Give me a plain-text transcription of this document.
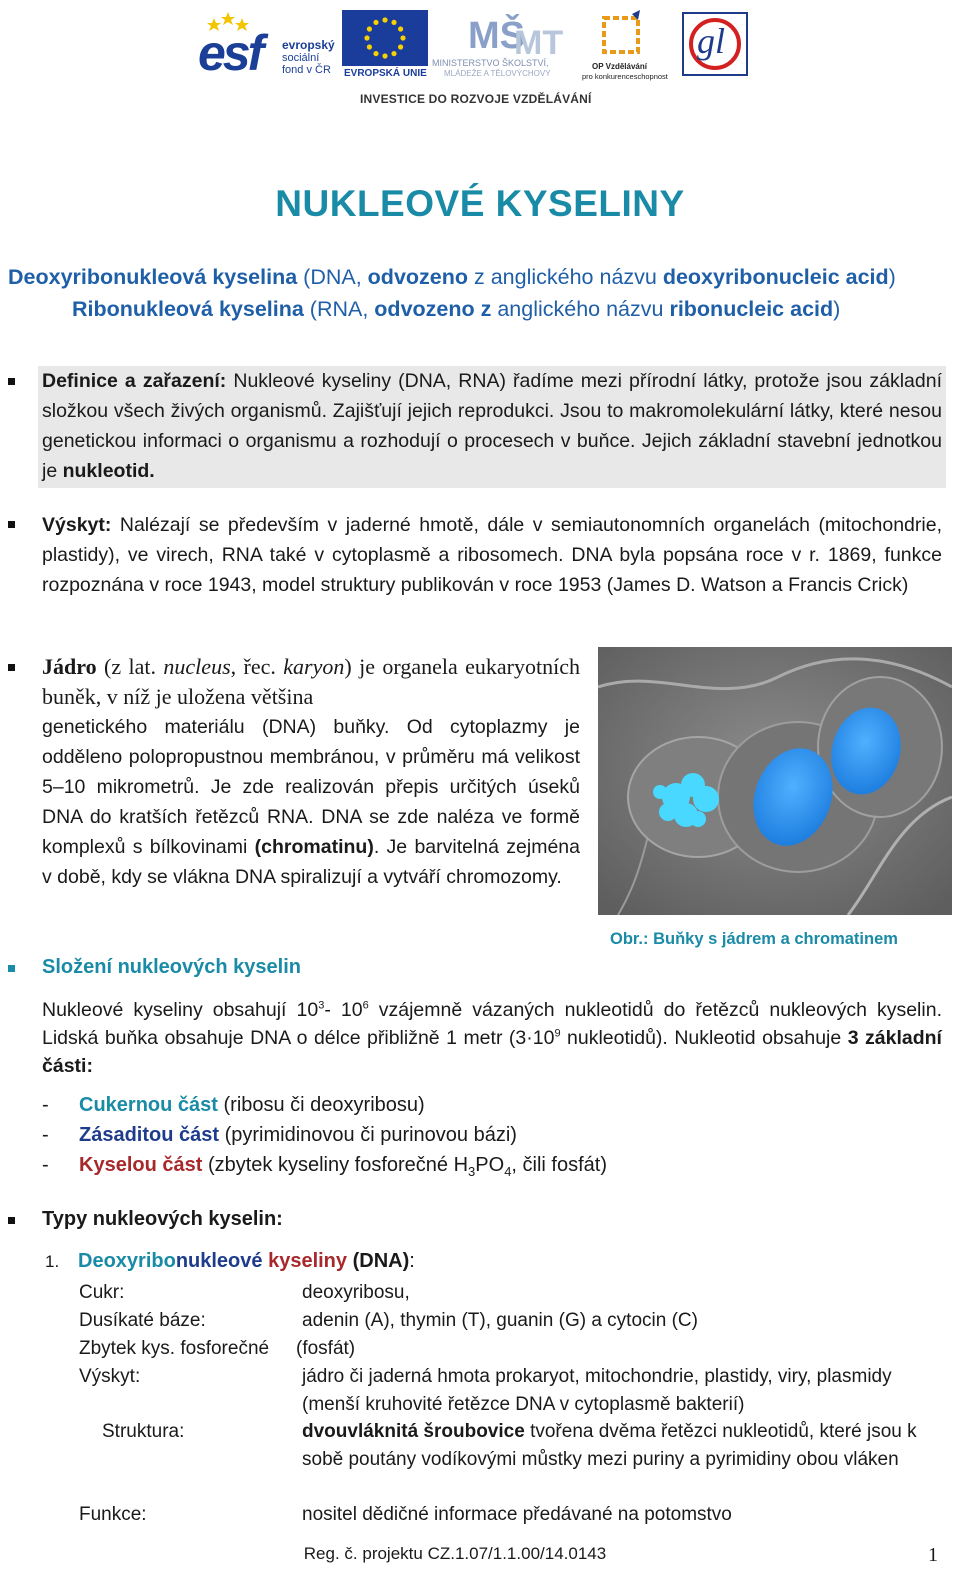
esf evropský
sociální
fond v ČR EVROPSKÁ UNIE
MŠ
MT
MINISTERSTVO ŠKOLSTVÍ,
MLÁDEŽE A TĚLOVÝCHOVY
OP Vzdělávání
pro konkurenceschopnost
gl
INVESTICE DO ROZVOJE VZDĚLÁVÁNÍ
NUKLEOVÉ KYSELINY
Deoxyribonukleová kyselina (DNA, odvozeno z anglického názvu deoxyribonucleic acid)
Ribonukleová kyselina (RNA, odvozeno z anglického názvu ribonucleic acid)
Definice a zařazení: Nukleové kyseliny (DNA, RNA) řadíme mezi přírodní látky, protože jsou základní složkou všech živých organismů. Zajišťují jejich reprodukci. Jsou to makromolekulární látky, které nesou genetickou informaci o organismu a rozhodují o procesech v buňce. Jejich základní stavební jednotkou je nukleotid.
Výskyt: Nalézají se především v jaderné hmotě, dále v semiautonomních organelách (mitochondrie, plastidy), ve virech, RNA také v cytoplasmě a ribosomech. DNA byla popsána roce v r. 1869, funkce rozpoznána v roce 1943, model struktury publikován v roce 1953 (James D. Watson a Francis Crick)
Jádro (z lat. nucleus, řec. karyon) je organela eukaryotních buněk, v níž je uložena většina
genetického materiálu (DNA) buňky. Od cytoplazmy je odděleno polopropustnou membránou, v průměru má velikost 5–10 mikrometrů. Je zde realizován přepis určitých úseků DNA do kratších řetězců RNA. DNA se zde naléza ve formě komplexů s bílkovinami (chromatinu). Je barvitelná zejména v době, kdy se vlákna DNA spiralizují a vytváří chromozomy.
Obr.: Buňky s jádrem a chromatinem
Složení nukleových kyselin
Nukleové kyseliny obsahují $10^3-$ $10^6$ vzájemně vázaných nukleotidů do řetězců nukleových kyselin. Lidská buňka obsahuje DNA o délce přibližně 1 metr ($3\cdot 10^9$ nukleotidů). Nukleotid obsahuje 3 základní části:
- Cukernou část (ribosu či deoxyribosu)
- Zásaditou část (pyrimidinovou či purinovou bázi)
- Kyselou část (zbytek kyseliny fosforečné $H_3PO_4$, čili fosfát)
Typy nukleových kyselin:
1. Deoxyribonukleové kyseliny (DNA):
Cukr:	deoxyribosu,
Dusíkaté báze:	adenin (A), thymin (T), guanin (G) a cytocin (C)
Zbytek kys. fosforečné (fosfát)
Výskyt:	jádro či jaderná hmota prokaryot, mitochondrie, plastidy, viry, plasmidy (menší kruhovité řetězce DNA v cytoplasmě bakterií)
Struktura:	dvouvláknitá šroubovice tvořena dvěma řetězci nukleotidů, které jsou k sobě poutány vodíkovými můstky mezi puriny a pyrimidiny obou vláken
Funkce:	nositel dědičné informace předávané na potomstvo
Reg. č. projektu CZ.1.07/1.1.00/14.0143	1
